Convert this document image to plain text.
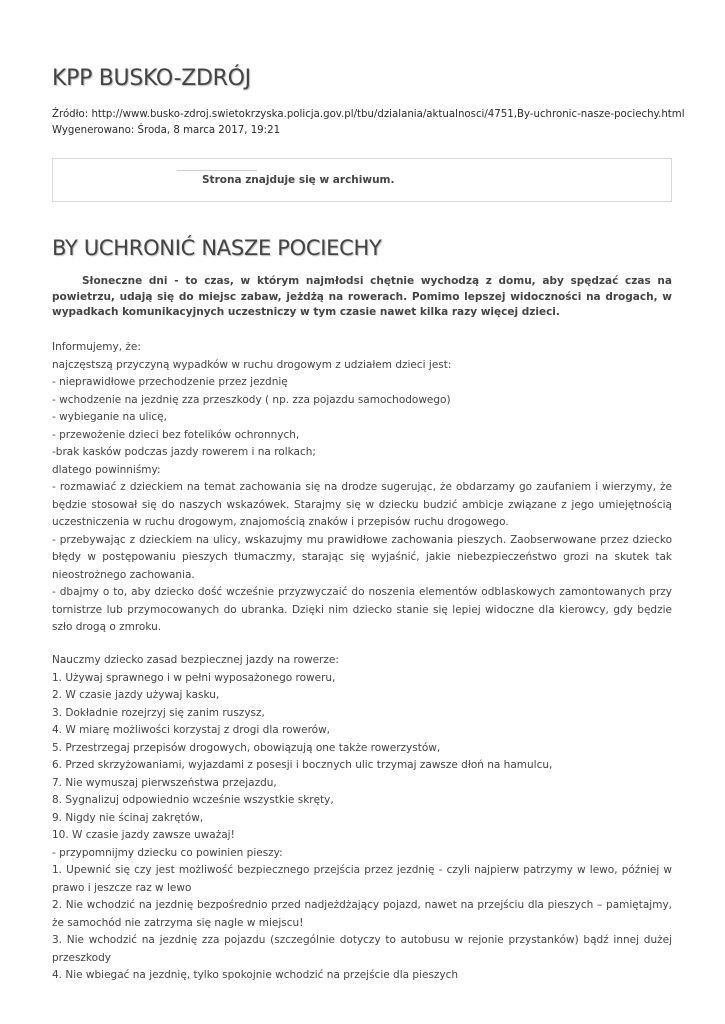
KPP BUSKO-ZDRÓJ
Źródło: http://www.busko-zdroj.swietokrzyska.policja.gov.pl/tbu/dzialania/aktualnosci/4751,By-uchronic-nasze-pociechy.html
Wygenerowano: Środa, 8 marca 2017, 19:21
Strona znajduje się w archiwum.
BY UCHRONIĆ NASZE POCIECHY

Słoneczne dni - to czas, w którym najmłodsi chętnie wychodzą z domu, aby spędzać czas na powietrzu, udają się do miejsc zabaw, jeżdżą na rowerach. Pomimo lepszej widoczności na drogach, w wypadkach komunikacyjnych uczestniczy w tym czasie nawet kilka razy więcej dzieci.

Informujemy, że:

najczęstszą przyczyną wypadków w ruchu drogowym z udziałem dzieci jest:

- nieprawidłowe przechodzenie przez jezdnię

- wchodzenie na jezdnię zza przeszkody ( np. zza pojazdu samochodowego)

- wybieganie na ulicę,

- przewożenie dzieci bez fotelików ochronnych,

-brak kasków podczas jazdy rowerem i na rolkach;

dlatego powinniśmy:

- rozmawiać z dzieckiem na temat zachowania się na drodze sugerując, że obdarzamy go zaufaniem i wierzymy, że będzie stosował się do naszych wskazówek. Starajmy się w dziecku budzić ambicje związane z jego umiejętnością uczestniczenia w ruchu drogowym, znajomością znaków i przepisów ruchu drogowego.

- przebywając z dzieckiem na ulicy, wskazujmy mu prawidłowe zachowania pieszych. Zaobserwowane przez dziecko błędy w postępowaniu pieszych tłumaczmy, starając się wyjaśnić, jakie niebezpieczeństwo grozi na skutek tak nieostrożnego zachowania.

- dbajmy o to, aby dziecko dość wcześnie przyzwyczaić do noszenia elementów odblaskowych zamontowanych przy tornistrze lub przymocowanych do ubranka. Dzięki nim dziecko stanie się lepiej widoczne dla kierowcy, gdy będzie szło drogą o zmroku.

Nauczmy dziecko zasad bezpiecznej jazdy na rowerze:

1. Używaj sprawnego i w pełni wyposażonego roweru,

2. W czasie jazdy używaj kasku,

3. Dokładnie rozejrzyj się zanim ruszysz,

4. W miarę możliwości korzystaj z drogi dla rowerów,

5. Przestrzegaj przepisów drogowych, obowiązują one także rowerzystów,

6. Przed skrzyżowaniami, wyjazdami z posesji i bocznych ulic trzymaj zawsze dłoń na hamulcu,

7. Nie wymuszaj pierwszeństwa przejazdu,

8. Sygnalizuj odpowiednio wcześnie wszystkie skręty,

9. Nigdy nie ścinaj zakrętów,

10. W czasie jazdy zawsze uważaj!

- przypomnijmy dziecku co powinien pieszy:

1. Upewnić się czy jest możliwość bezpiecznego przejścia przez jezdnię - czyli najpierw patrzymy w lewo, później w prawo i jeszcze raz w lewo

2. Nie wchodzić na jezdnię bezpośrednio przed nadjeżdżający pojazd, nawet na przejściu dla pieszych – pamiętajmy, że samochód nie zatrzyma się nagle w miejscu!

3. Nie wchodzić na jezdnię zza pojazdu (szczególnie dotyczy to autobusu w rejonie przystanków) bądź innej dużej przeszkody

4. Nie wbiegać na jezdnię, tylko spokojnie wchodzić na przejście dla pieszych
